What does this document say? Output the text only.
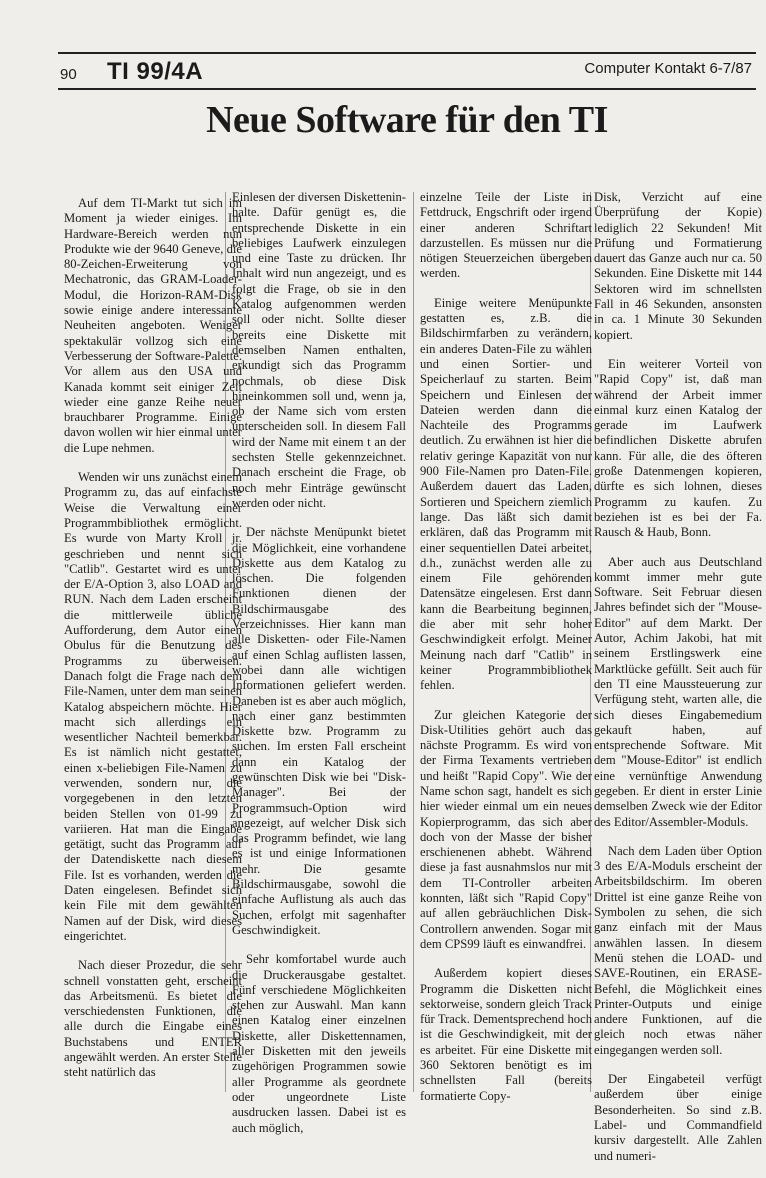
90 TI 99/4A	Computer Kontakt 6-7/87
Neue Software für den TI

Auf dem TI-Markt tut sich im Moment ja wieder einiges. Im Hardware-Bereich werden nun Produkte wie der 9640 Geneve, die 80-Zeichen-Erweiterung von Mechatronic, das GRAM-Loader-Modul, die Horizon-RAM-Disk sowie einige andere interessante Neuheiten angeboten. Weniger spektakulär vollzog sich eine Verbesserung der Software-Palette. Vor allem aus den USA und Kanada kommt seit einiger Zeit wieder eine ganze Reihe neuer brauchbarer Programme. Einige davon wollen wir hier einmal unter die Lupe nehmen.

Wenden wir uns zunächst einem Programm zu, das auf einfachste Weise die Verwaltung einer Programmbibliothek ermöglicht. Es wurde von Marty Kroll jr. geschrieben und nennt sich "Catlib". Gestartet wird es unter der E/A-Option 3, also LOAD and RUN. Nach dem Laden erscheint die mittlerweile übliche Aufforderung, dem Autor einen Obulus für die Benutzung des Programms zu überweisen. Danach folgt die Frage nach dem File-Namen, unter dem man seinen Katalog abspeichern möchte. Hier macht sich allerdings ein wesentlicher Nachteil bemerkbar. Es ist nämlich nicht gestattet, einen x-beliebigen File-Namen zu verwenden, sondern nur, die vorgegebenen in den letzten beiden Stellen von 01-99 zu variieren. Hat man die Eingabe getätigt, sucht das Programm auf der Datendiskette nach diesem File. Ist es vorhanden, werden die Daten eingelesen. Befindet sich kein File mit dem gewählten Namen auf der Disk, wird dieses eingerichtet.

Nach dieser Prozedur, die sehr schnell vonstatten geht, erscheint das Arbeitsmenü. Es bietet die verschiedensten Funktionen, die alle durch die Eingabe eines Buchstabens und ENTER angewählt werden. An erster Stelle steht natürlich das

Einlesen der diversen Disketteninhalte. Dafür genügt es, die entsprechende Diskette in ein beliebiges Laufwerk einzulegen und eine Taste zu drücken. Ihr Inhalt wird nun angezeigt, und es folgt die Frage, ob sie in den Katalog aufgenommen werden soll oder nicht. Sollte dieser bereits eine Diskette mit demselben Namen enthalten, erkundigt sich das Programm nochmals, ob diese Disk hineinkommen soll und, wenn ja, ob der Name sich vom ersten unterscheiden soll. In diesem Fall wird der Name mit einem t an der sechsten Stelle gekennzeichnet. Danach erscheint die Frage, ob noch mehr Einträge gewünscht werden oder nicht.

Der nächste Menüpunkt bietet die Möglichkeit, eine vorhandene Diskette aus dem Katalog zu löschen. Die folgenden Funktionen dienen der Bildschirmausgabe des Verzeichnisses. Hier kann man alle Disketten- oder File-Namen auf einen Schlag auflisten lassen, wobei dann alle wichtigen Informationen geliefert werden. Daneben ist es aber auch möglich, nach einer ganz bestimmten Diskette bzw. Programm zu suchen. Im ersten Fall erscheint dann ein Katalog der gewünschten Disk wie bei "Disk-Manager". Bei der Programmsuch-Option wird angezeigt, auf welcher Disk sich das Programm befindet, wie lang es ist und einige Informationen mehr. Die gesamte Bildschirmausgabe, sowohl die einfache Auflistung als auch das Suchen, erfolgt mit sagenhafter Geschwindigkeit.

Sehr komfortabel wurde auch die Druckerausgabe gestaltet. Fünf verschiedene Möglichkeiten stehen zur Auswahl. Man kann einen Katalog einer einzelnen Diskette, aller Diskettennamen, aller Disketten mit den jeweils zugehörigen Programmen sowie aller Programme als geordnete oder ungeordnete Liste ausdrucken lassen. Dabei ist es auch möglich,

einzelne Teile der Liste in Fettdruck, Engschrift oder irgend einer anderen Schriftart darzustellen. Es müssen nur die nötigen Steuerzeichen übergeben werden.

Einige weitere Menüpunkte gestatten es, z.B. die Bildschirmfarben zu verändern, ein anderes Daten-File zu wählen und einen Sortier- und Speicherlauf zu starten. Beim Speichern und Einlesen der Dateien werden dann die Nachteile des Programms deutlich. Zu erwähnen ist hier die relativ geringe Kapazität von nur 900 File-Namen pro Daten-File. Außerdem dauert das Laden, Sortieren und Speichern ziemlich lange. Das läßt sich damit erklären, daß das Programm mit einer sequentiellen Datei arbeitet, d.h., zunächst werden alle zu einem File gehörenden Datensätze eingelesen. Erst dann kann die Bearbeitung beginnen, die aber mit sehr hoher Geschwindigkeit erfolgt. Meiner Meinung nach darf "Catlib" in keiner Programmbibliothek fehlen.

Zur gleichen Kategorie der Disk-Utilities gehört auch das nächste Programm. Es wird von der Firma Texaments vertrieben und heißt "Rapid Copy". Wie der Name schon sagt, handelt es sich hier wieder einmal um ein neues Kopierprogramm, das sich aber doch von der Masse der bisher erschienenen abhebt. Während diese ja fast ausnahmslos nur mit dem TI-Controller arbeiten konnten, läßt sich "Rapid Copy" auf allen gebräuchlichen Disk-Controllern anwenden. Sogar mit dem CPS99 läuft es einwandfrei.

Außerdem kopiert dieses Programm die Disketten nicht sektorweise, sondern gleich Track für Track. Dementsprechend hoch ist die Geschwindigkeit, mit der es arbeitet. Für eine Diskette mit 360 Sektoren benötigt es im schnellsten Fall (bereits formatierte Copy-

Disk, Verzicht auf eine Überprüfung der Kopie) lediglich 22 Sekunden! Mit Prüfung und Formatierung dauert das Ganze auch nur ca. 50 Sekunden. Eine Diskette mit 144 Sektoren wird im schnellsten Fall in 46 Sekunden, ansonsten in ca. 1 Minute 30 Sekunden kopiert.

Ein weiterer Vorteil von "Rapid Copy" ist, daß man während der Arbeit immer einmal kurz einen Katalog der gerade im Laufwerk befindlichen Diskette abrufen kann. Für alle, die des öfteren große Datenmengen kopieren, dürfte es sich lohnen, dieses Programm zu kaufen. Zu beziehen ist es bei der Fa. Rausch & Haub, Bonn.

Aber auch aus Deutschland kommt immer mehr gute Software. Seit Februar diesen Jahres befindet sich der "Mouse-Editor" auf dem Markt. Der Autor, Achim Jakobi, hat mit seinem Erstlingswerk eine Marktlücke gefüllt. Seit auch für den TI eine Maussteuerung zur Verfügung steht, warten alle, die sich dieses Eingabemedium gekauft haben, auf entsprechende Software. Mit dem "Mouse-Editor" ist endlich eine vernünftige Anwendung gegeben. Er dient in erster Linie demselben Zweck wie der Editor des Editor/Assembler-Moduls.

Nach dem Laden über Option 3 des E/A-Moduls erscheint der Arbeitsbildschirm. Im oberen Drittel ist eine ganze Reihe von Symbolen zu sehen, die sich ganz einfach mit der Maus anwählen lassen. In diesem Menü stehen die LOAD- und SAVE-Routinen, ein ERASE-Befehl, die Möglichkeit eines Printer-Outputs und einige andere Funktionen, auf die gleich noch etwas näher eingegangen werden soll.

Der Eingabeteil verfügt außerdem über einige Besonderheiten. So sind z.B. Label- und Commandfield kursiv dargestellt. Alle Zahlen und numeri-
